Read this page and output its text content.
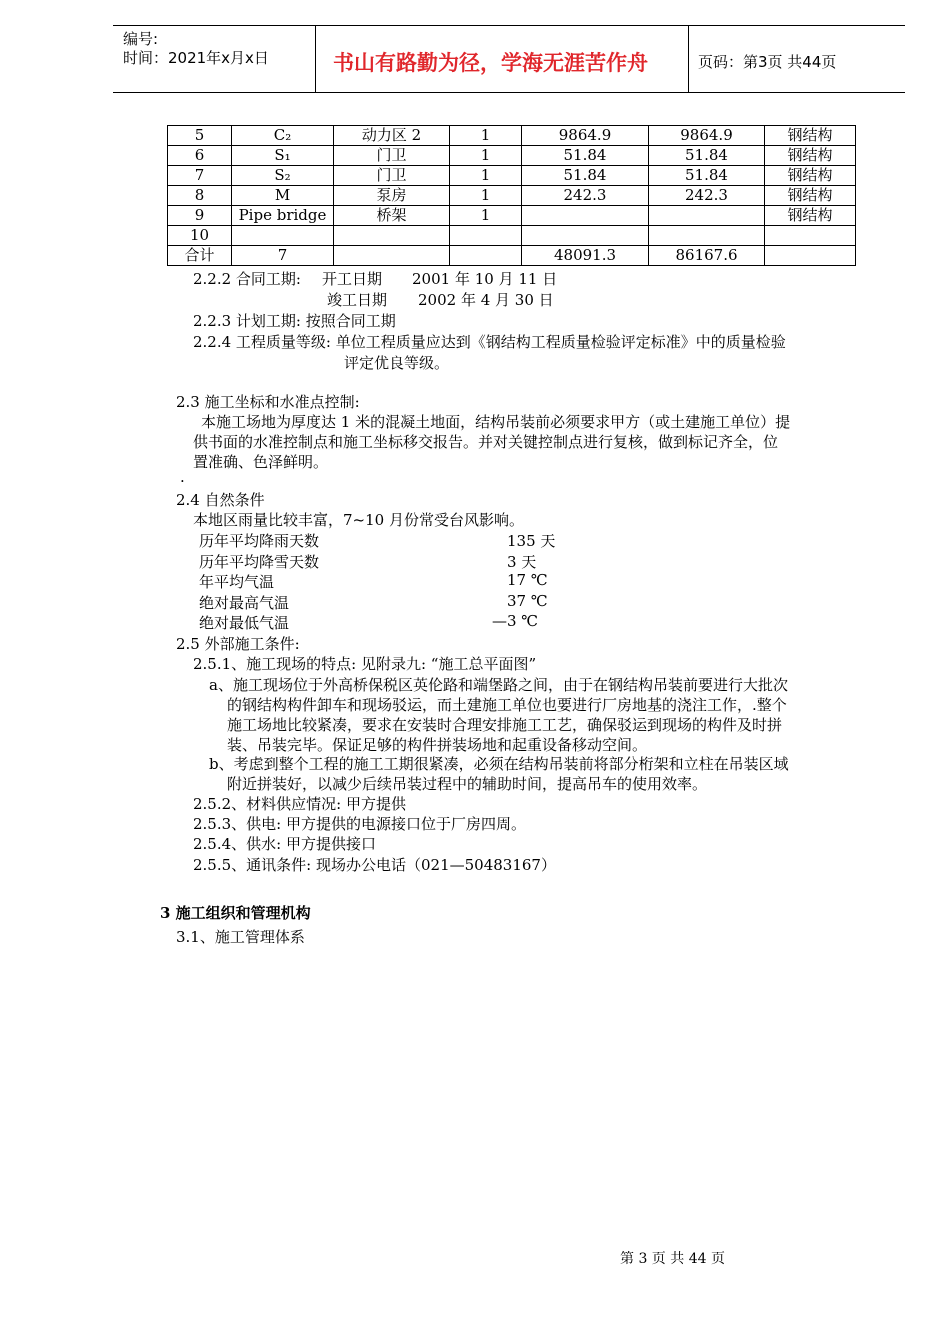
编号:
时间：2021年x月x日	书山有路勤为径，学海无涯苦作舟	页码：第3页 共44页
5	C₂	动力区 2	1	9864.9	9864.9	钢结构
6	S₁	门卫	1	51.84	51.84	钢结构
7	S₂	门卫	1	51.84	51.84	钢结构
8	M	泵房	1	242.3	242.3	钢结构
9	Pipe bridge	桥架	1			钢结构
10						
合计	7			48091.3	86167.6	
2.2.2 合同工期: 开工日期 2001 年 10 月 11 日
竣工日期 2002 年 4 月 30 日
2.2.3 计划工期: 按照合同工期
2.2.4 工程质量等级: 单位工程质量应达到《钢结构工程质量检验评定标准》中的质量检验
评定优良等级。
2.3 施工坐标和水准点控制:
本施工场地为厚度达 1 米的混凝土地面，结构吊装前必须要求甲方（或土建施工单位）提
供书面的水准控制点和施工坐标移交报告。并对关键控制点进行复核，做到标记齐全，位
置准确、色泽鲜明。
.
2.4 自然条件
本地区雨量比较丰富，7~10 月份常受台风影响。
历年平均降雨天数	135 天
历年平均降雪天数	3 天
年平均气温	17 ℃
绝对最高气温	37 ℃
绝对最低气温	—3 ℃
2.5 外部施工条件:
2.5.1、施工现场的特点: 见附录九: “施工总平面图”
a、施工现场位于外高桥保税区英伦路和端堡路之间，由于在钢结构吊装前要进行大批次
的钢结构构件卸车和现场驳运，而土建施工单位也要进行厂房地基的浇注工作，.整个
施工场地比较紧凑，要求在安装时合理安排施工工艺，确保驳运到现场的构件及时拼
装、吊装完毕。保证足够的构件拼装场地和起重设备移动空间。
b、考虑到整个工程的施工工期很紧凑，必须在结构吊装前将部分桁架和立柱在吊装区域
附近拼装好，以减少后续吊装过程中的辅助时间，提高吊车的使用效率。
2.5.2、材料供应情况: 甲方提供
2.5.3、供电: 甲方提供的电源接口位于厂房四周。
2.5.4、供水: 甲方提供接口
2.5.5、通讯条件: 现场办公电话（021—50483167）
3 施工组织和管理机构
3.1、施工管理体系
第 3 页 共 44 页
